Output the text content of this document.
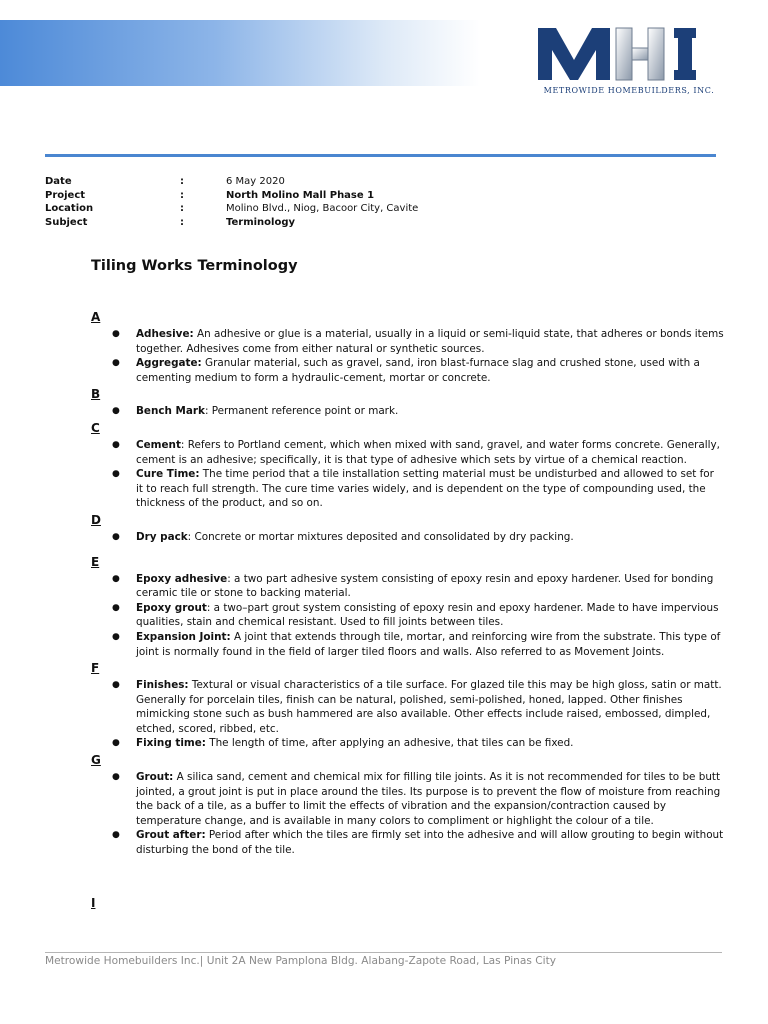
METROWIDE HOMEBUILDERS, INC.
Date	:	6 May 2020
Project	:	North Molino Mall Phase 1
Location	:	Molino Blvd., Niog, Bacoor City, Cavite
Subject	:	Terminology
Tiling Works Terminology
A
● Adhesive: An adhesive or glue is a material, usually in a liquid or semi-liquid state, that adheres or bonds items together. Adhesives come from either natural or synthetic sources.
● Aggregate: Granular material, such as gravel, sand, iron blast-furnace slag and crushed stone, used with a cementing medium to form a hydraulic-cement, mortar or concrete.
B
● Bench Mark: Permanent reference point or mark.
C
● Cement: Refers to Portland cement, which when mixed with sand, gravel, and water forms concrete. Generally, cement is an adhesive; specifically, it is that type of adhesive which sets by virtue of a chemical reaction.
● Cure Time: The time period that a tile installation setting material must be undisturbed and allowed to set for it to reach full strength. The cure time varies widely, and is dependent on the type of compounding used, the thickness of the product, and so on.
D
● Dry pack: Concrete or mortar mixtures deposited and consolidated by dry packing.
E
● Epoxy adhesive: a two part adhesive system consisting of epoxy resin and epoxy hardener. Used for bonding ceramic tile or stone to backing material.
● Epoxy grout: a two–part grout system consisting of epoxy resin and epoxy hardener. Made to have impervious qualities, stain and chemical resistant. Used to fill joints between tiles.
● Expansion Joint: A joint that extends through tile, mortar, and reinforcing wire from the substrate. This type of joint is normally found in the field of larger tiled floors and walls. Also referred to as Movement Joints.
F
● Finishes: Textural or visual characteristics of a tile surface. For glazed tile this may be high gloss, satin or matt. Generally for porcelain tiles, finish can be natural, polished, semi-polished, honed, lapped. Other finishes mimicking stone such as bush hammered are also available. Other effects include raised, embossed, dimpled, etched, scored, ribbed, etc.
● Fixing time: The length of time, after applying an adhesive, that tiles can be fixed.
G
● Grout: A silica sand, cement and chemical mix for filling tile joints. As it is not recommended for tiles to be butt jointed, a grout joint is put in place around the tiles. Its purpose is to prevent the flow of moisture from reaching the back of a tile, as a buffer to limit the effects of vibration and the expansion/contraction caused by temperature change, and is available in many colors to compliment or highlight the colour of a tile.
● Grout after: Period after which the tiles are firmly set into the adhesive and will allow grouting to begin without disturbing the bond of the tile.
I
Metrowide Homebuilders Inc.| Unit 2A New Pamplona Bldg. Alabang-Zapote Road, Las Pinas City
